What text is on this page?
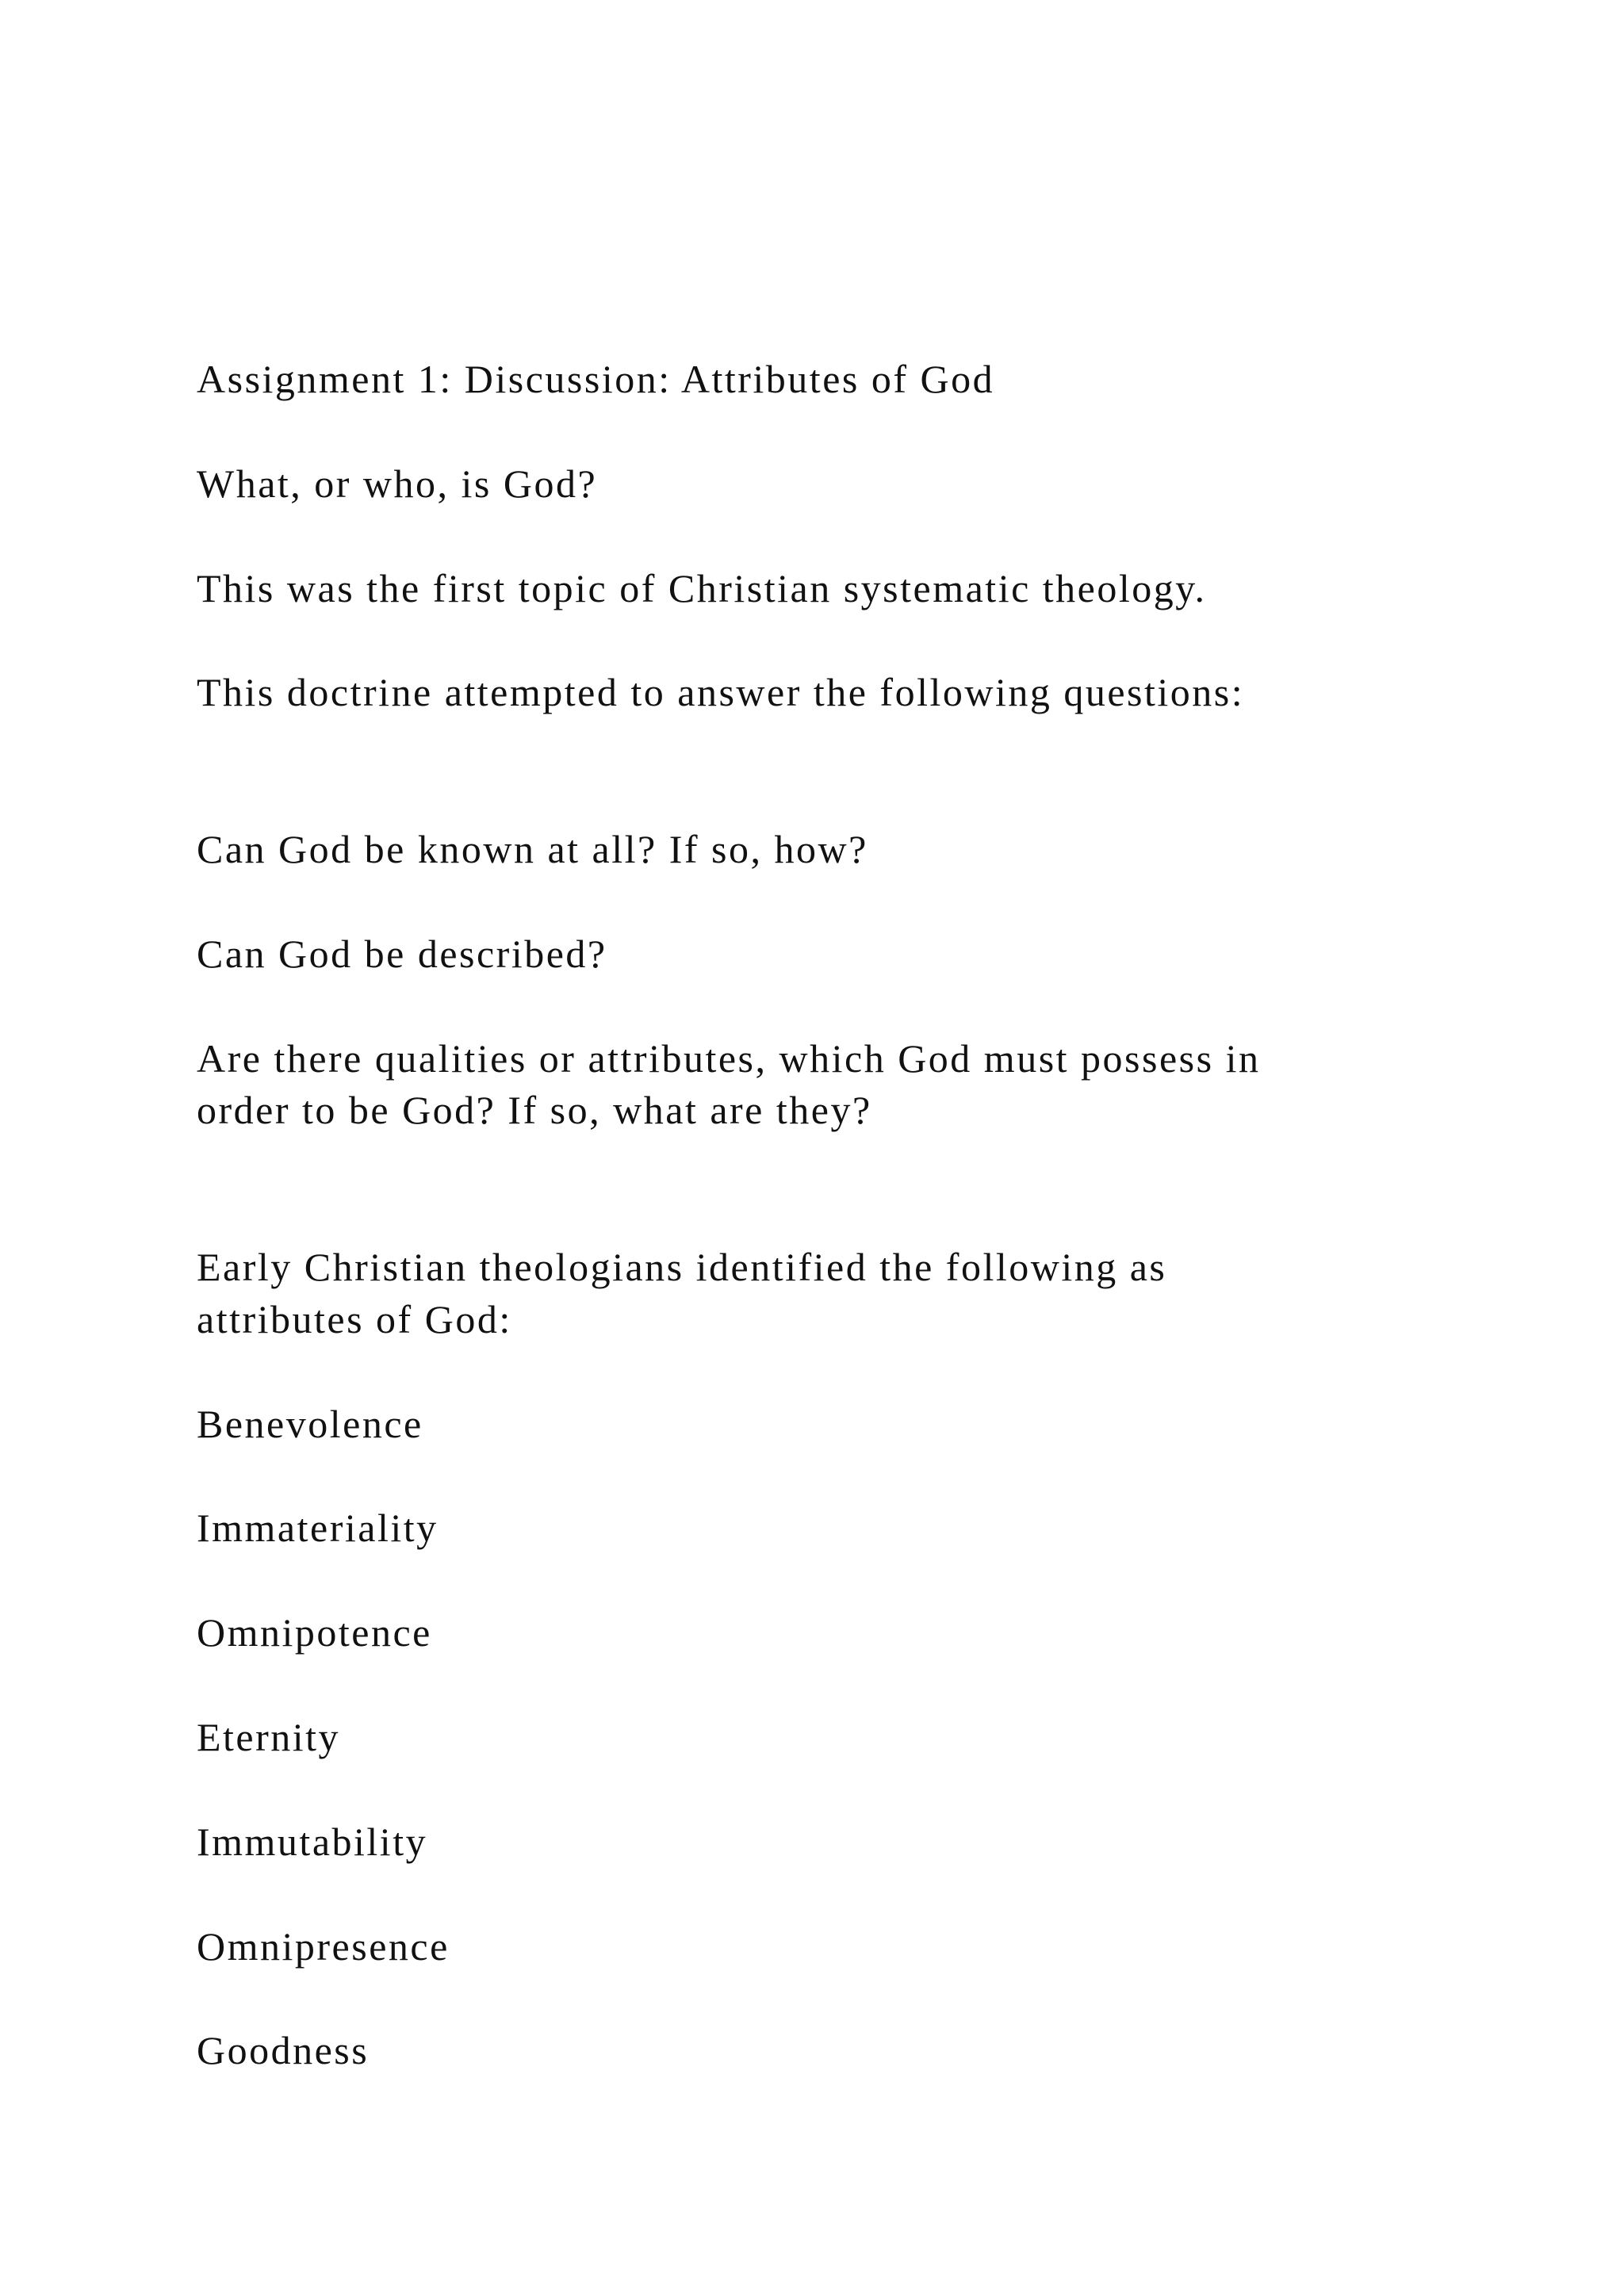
Assignment 1: Discussion: Attributes of God
What, or who, is God?
This was the first topic of Christian systematic theology.
This doctrine attempted to answer the following questions:
Can God be known at all? If so, how?
Can God be described?
Are there qualities or attributes, which God must possess in
order to be God? If so, what are they?
Early Christian theologians identified the following as
attributes of God:
Benevolence
Immateriality
Omnipotence
Eternity
Immutability
Omnipresence
Goodness
